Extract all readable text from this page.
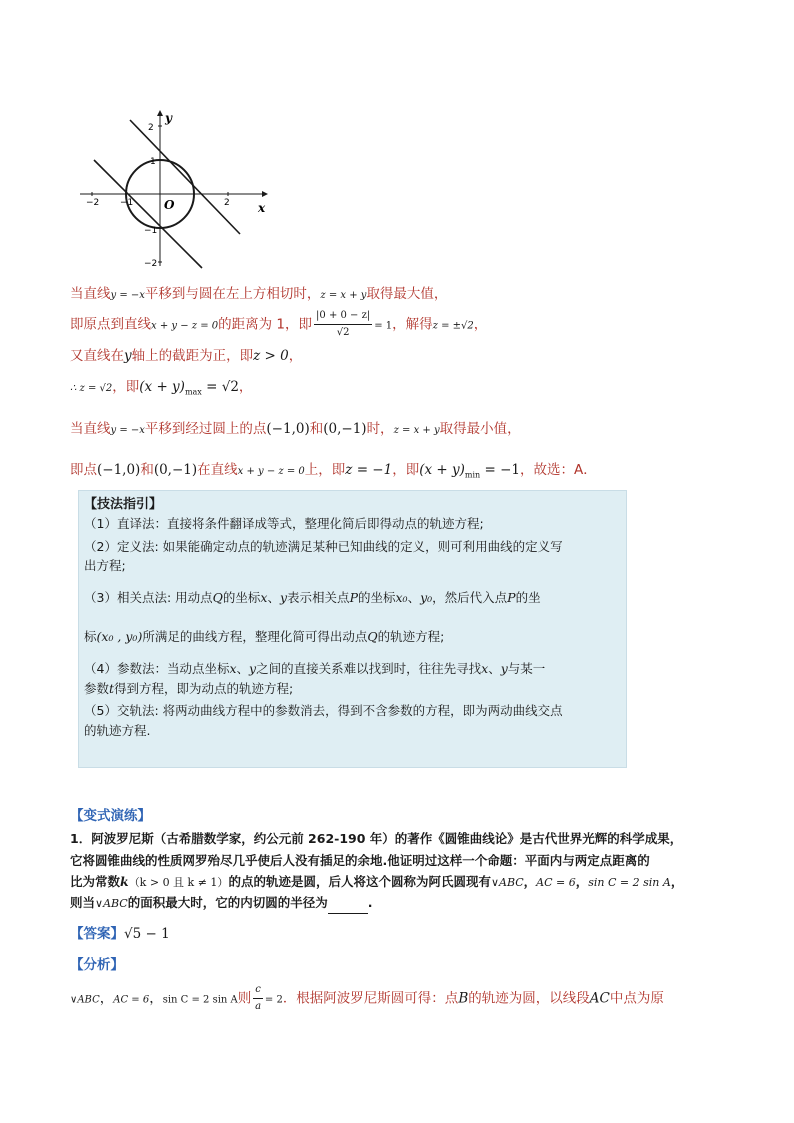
2
y
1
−2 −1	O	2 x
−1
−2
当直线y = −x平移到与圆在左上方相切时，z = x + y取得最大值，
即原点到直线x + y − z = 0的距离为 1，即 $\frac{|0 + 0 - z|}{√2} = 1$，解得z = ±√2，
又直线在y轴上的截距为正，即z > 0，
∴ z = √2，即$(x + y)_{max} = √2$，
当直线y = −x平移到经过圆上的点(−1,0)和(0,−1)时，z = x + y取得最小值，
即点(−1,0)和(0,−1)在直线x + y − z = 0上，即z = −1，即$(x + y)_{min} = -1$，故选：A．
【技法指引】
（1）直译法：直接将条件翻译成等式，整理化简后即得动点的轨迹方程;
（2）定义法: 如果能确定动点的轨迹满足某种已知曲线的定义，则可利用曲线的定义写
出方程;
（3）相关点法: 用动点Q的坐标x、y表示相关点P的坐标x₀、y₀，然后代入点P的坐
标(x₀ , y₀)所满足的曲线方程，整理化简可得出动点Q的轨迹方程;
（4）参数法：当动点坐标x、y之间的直接关系难以找到时，往往先寻找x、y与某一
参数t得到方程，即为动点的轨迹方程;
（5）交轨法: 将两动曲线方程中的参数消去，得到不含参数的方程，即为两动曲线交点
的轨迹方程.
【变式演练】
1．阿波罗尼斯（古希腊数学家，约公元前 262-190 年）的著作《圆锥曲线论》是古代世界光辉的科学成果，
它将圆锥曲线的性质网罗殆尽几乎使后人没有插足的余地.他证明过这样一个命题：平面内与两定点距离的
比为常数k（k > 0 且 k ≠ 1）的点的轨迹是圆，后人将这个圆称为阿氏圆现有∨ABC，AC = 6，sin C = 2 sin A，
则当∨ABC的面积最大时，它的内切圆的半径为	.
【答案】√5 − 1
【分析】
∨ABC，AC = 6，sin C = 2 sin A则 $\frac{c}{a} = 2$．根据阿波罗尼斯圆可得：点B的轨迹为圆，以线段AC中点为原
